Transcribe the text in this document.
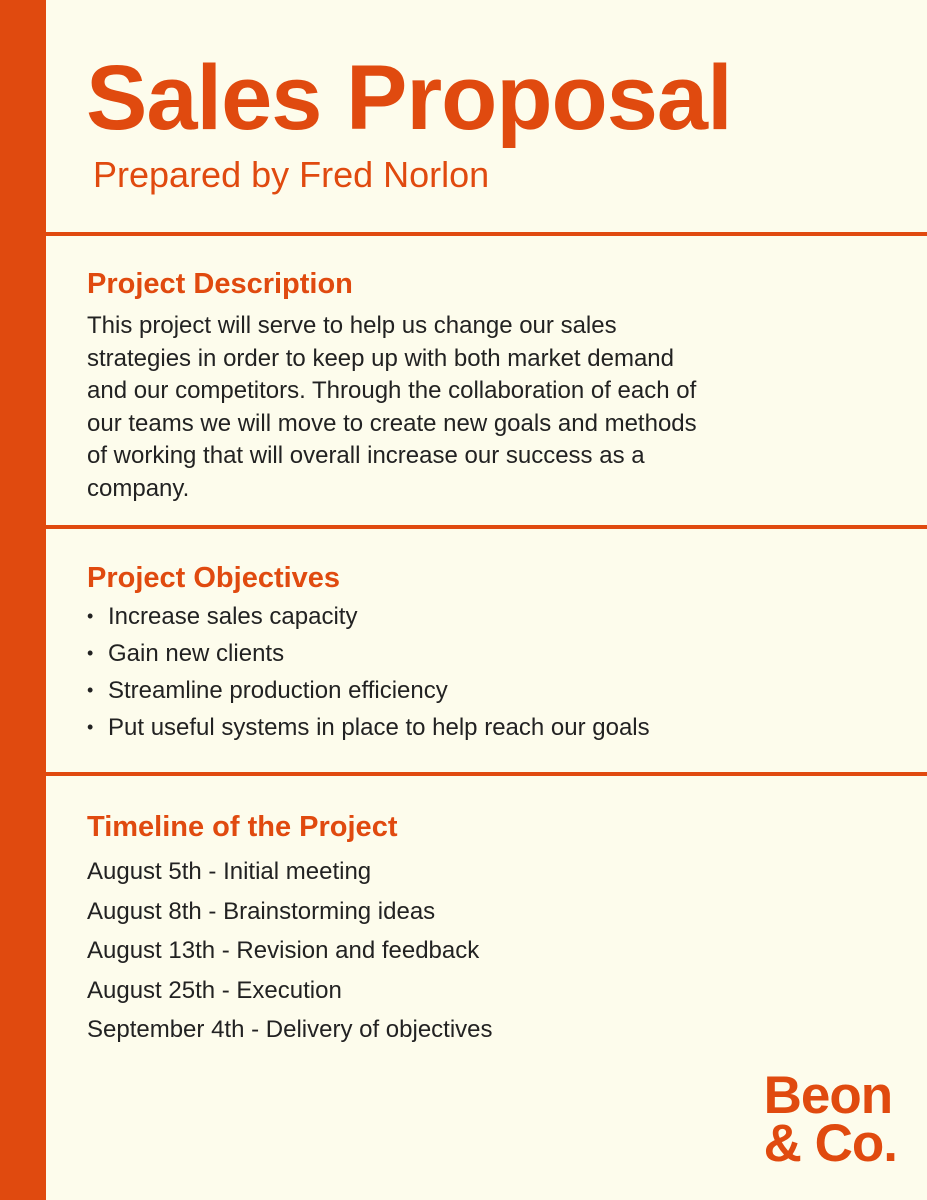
Sales Proposal

Prepared by Fred Norlon

Project Description

This project will serve to help us change our sales strategies in order to keep up with both market demand and our competitors. Through the collaboration of each of our teams we will move to create new goals and methods of working that will overall increase our success as a company.

Project Objectives
• Increase sales capacity
• Gain new clients
• Streamline production efficiency
• Put useful systems in place to help reach our goals
Timeline of the Project
August 5th - Initial meeting
August 8th - Brainstorming ideas
August 13th - Revision and feedback
August 25th - Execution
September 4th - Delivery of objectives
Beon
& Co.
